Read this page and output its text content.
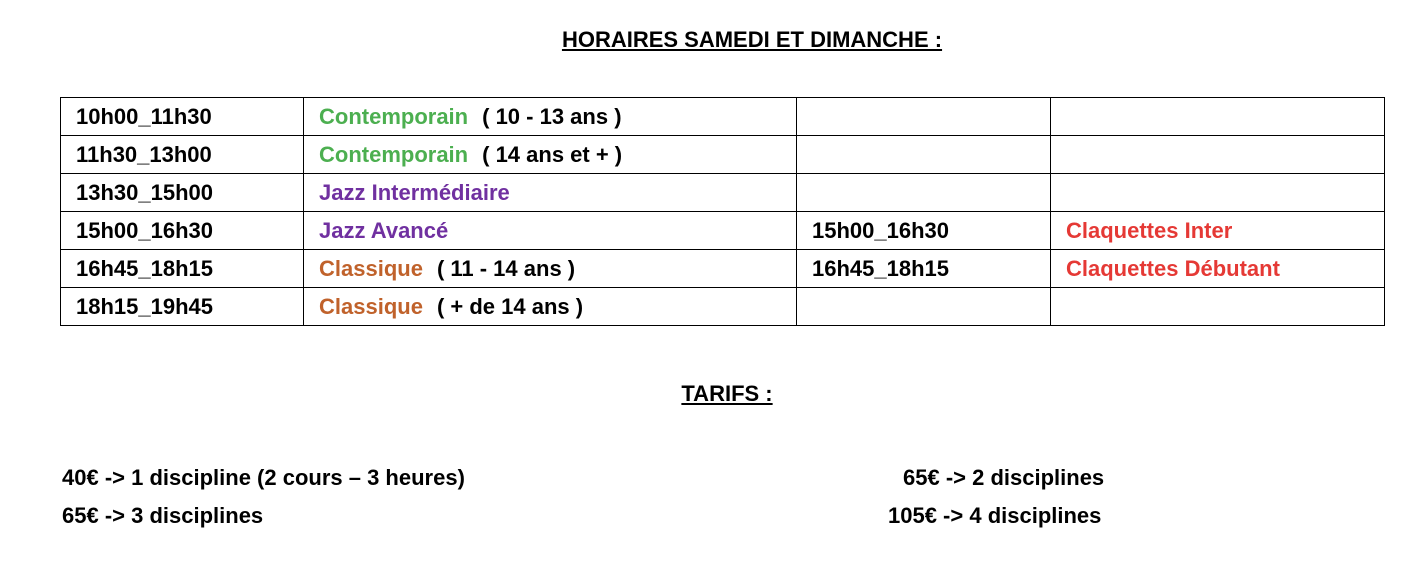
HORAIRES SAMEDI ET DIMANCHE :
10h00_11h30	Contemporain ( 10 - 13 ans )		
11h30_13h00	Contemporain ( 14 ans et + )		
13h30_15h00	Jazz Intermédiaire		
15h00_16h30	Jazz Avancé	15h00_16h30	Claquettes Inter
16h45_18h15	Classique ( 11 - 14 ans )	16h45_18h15	Claquettes Débutant
18h15_19h45	Classique ( + de 14 ans )		
TARIFS :
40€ -> 1 discipline (2 cours – 3 heures)	65€ -> 2 disciplines
65€ -> 3 disciplines	105€ -> 4 disciplines
